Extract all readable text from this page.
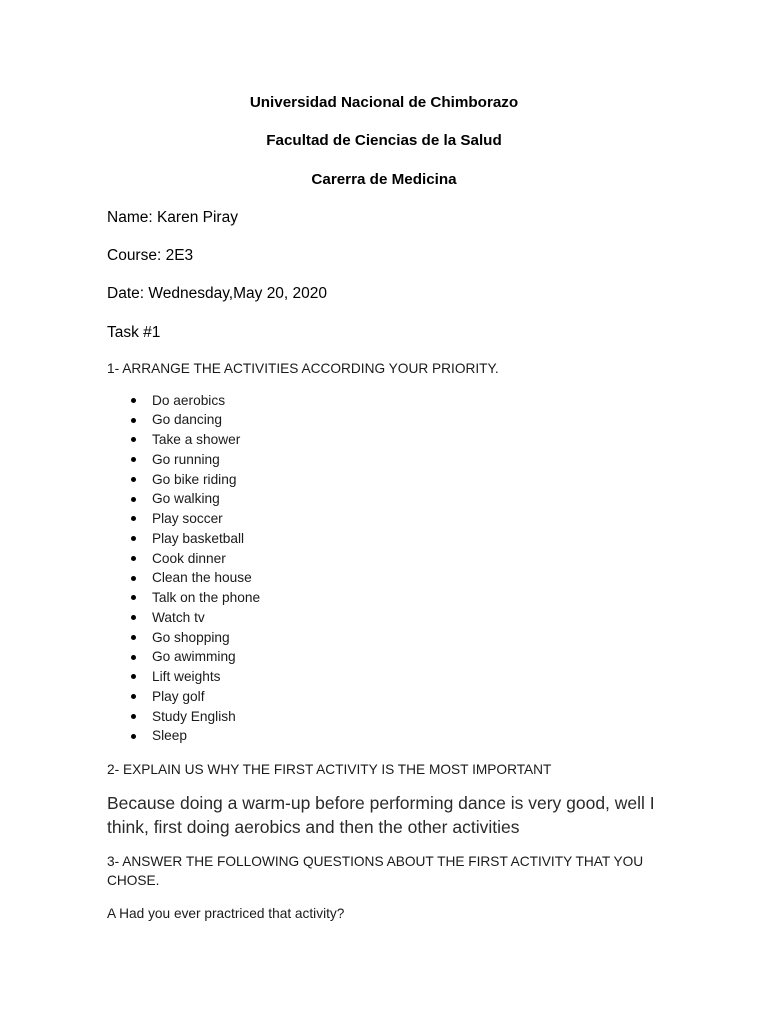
Universidad Nacional de Chimborazo
Facultad de Ciencias de la Salud
Carerra de Medicina
Name: Karen Piray
Course: 2E3
Date: Wednesday,May 20, 2020
Task #1
1- ARRANGE THE ACTIVITIES ACCORDING YOUR PRIORITY.
Do aerobics
Go dancing
Take a shower
Go running
Go bike riding
Go walking
Play soccer
Play basketball
Cook dinner
Clean the house
Talk on the phone
Watch tv
Go shopping
Go awimming
Lift weights
Play golf
Study English
Sleep
2- EXPLAIN US WHY THE FIRST ACTIVITY IS THE MOST IMPORTANT
Because doing a warm-up before performing dance is very good, well I think, first doing aerobics and then the other activities
3- ANSWER THE FOLLOWING QUESTIONS ABOUT THE FIRST ACTIVITY THAT YOU CHOSE.
A Had you ever practriced that activity?
